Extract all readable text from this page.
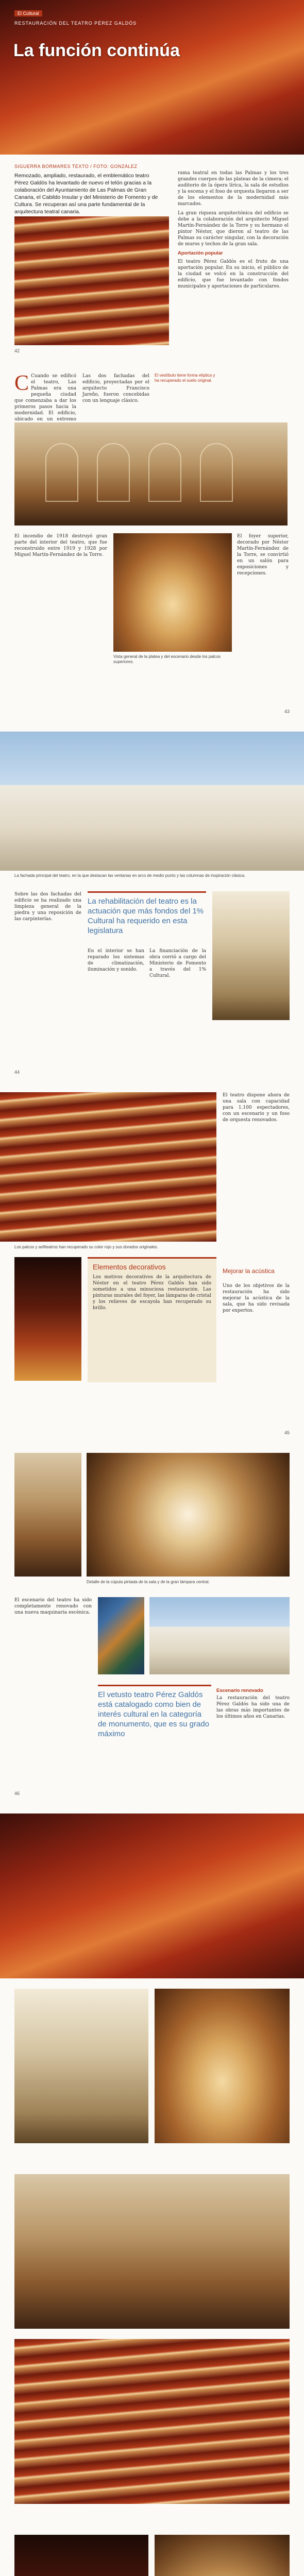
El Cultural
RESTAURACIÓN DEL TEATRO PÉREZ GALDÓS
La función continúa
SIGUERRA BORMARES TEXTO / FOTO: GONZÁLEZ
Remozado, ampliado, restaurado, el emblemático teatro Pérez Galdós ha levantado de nuevo el telón gracias a la colaboración del Ayuntamiento de Las Palmas de Gran Canaria, el Cabildo Insular y del Ministerio de Fomento y de Cultura. Se recuperan así una parte fundamental de la arquitectura teatral canaria.

rama teatral en todas las Palmas y los tres grandes cuerpos de las plateas de la cimera; el auditorio de la ópera lírica, la sala de estudios y la escena y el foso de orquesta llegaron a ser de los elementos de la modernidad más marcados.

La gran riqueza arquitectónica del edificio se debe a la colaboración del arquitecto Miguel Martín-Fernández de la Torre y su hermano el pintor Néstor, que dieron al teatro de las Palmas su carácter singular, con la decoración de muros y techos de la gran sala.

Aportación popular

El teatro Pérez Galdós es el fruto de una aportación popular. En su inicio, el público de la ciudad se volcó en la construcción del edificio, que fue levantado con fondos municipales y aportaciones de particulares.

42

C Cuando se edificó el teatro, Las Palmas era una pequeña ciudad que comenzaba a dar los primeros pasos hacia la modernidad. El edificio, ubicado en un extremo

Las dos fachadas del edificio, proyectadas por el arquitecto Francisco Jareño, fueron concebidas con un lenguaje clásico.

El vestíbulo tiene forma elíptica y ha recuperado el suelo original.

El incendio de 1918 destruyó gran parte del interior del teatro, que fue reconstruido entre 1919 y 1928 por Miguel Martín-Fernández de la Torre.

Vista general de la platea y del escenario desde los palcos superiores.

El foyer superior, decorado por Néstor Martín-Fernández de la Torre, se convirtió en un salón para exposiciones y recepciones.

43
La fachada principal del teatro, en la que destacan las ventanas en arco de medio punto y las columnas de inspiración clásica.
La rehabilitación del teatro es la actuación que más fondos del 1% Cultural ha requerido en esta legislatura

Sobre las dos fachadas del edificio se ha realizado una limpieza general de la piedra y una reposición de las carpinterías.

En el interior se han reparado los sistemas de climatización, iluminación y sonido.

La financiación de la obra corrió a cargo del Ministerio de Fomento a través del 1% Cultural.

44
Los palcos y anfiteatros han recuperado su color rojo y sus dorados originales.

El teatro dispone ahora de una sala con capacidad para 1.100 espectadores, con un escenario y un foso de orquesta renovados.

Elementos decorativos

Los motivos decorativos de la arquitectura de Néstor en el teatro Pérez Galdós han sido sometidos a una minuciosa restauración. Las pinturas murales del foyer, las lámparas de cristal y los relieves de escayola han recuperado su brillo.

Mejorar la acústica

Uno de los objetivos de la restauración ha sido mejorar la acústica de la sala, que ha sido revisada por expertos.

45
Detalle de la cúpula pintada de la sala y de la gran lámpara central.

El escenario del teatro ha sido completamente renovado con una nueva maquinaria escénica.

El vetusto teatro Pérez Galdós está catalogado como bien de interés cultural en la categoría de monumento, que es su grado máximo
Escenario renovado

La restauración del teatro Pérez Galdós ha sido una de las obras más importantes de los últimos años en Canarias.

46
